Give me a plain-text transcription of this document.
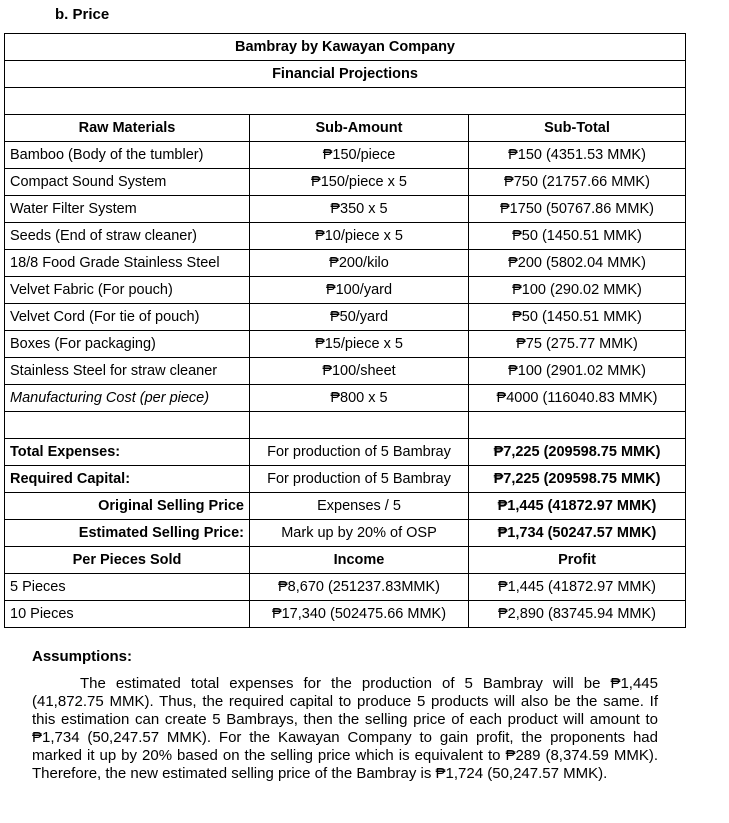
b. Price
Bambray by Kawayan Company		
Financial Projections		

Raw Materials	Sub-Amount	Sub-Total
Bamboo (Body of the tumbler)	₱150/piece	₱150 (4351.53 MMK)
Compact Sound System	₱150/piece x 5	₱750 (21757.66 MMK)
Water Filter System	₱350 x 5	₱1750 (50767.86 MMK)
Seeds (End of straw cleaner)	₱10/piece x 5	₱50 (1450.51 MMK)
18/8 Food Grade Stainless Steel	₱200/kilo	₱200 (5802.04 MMK)
Velvet Fabric (For pouch)	₱100/yard	₱100 (290.02 MMK)
Velvet Cord (For tie of pouch)	₱50/yard	₱50 (1450.51 MMK)
Boxes (For packaging)	₱15/piece x 5	₱75 (275.77 MMK)
Stainless Steel for straw cleaner	₱100/sheet	₱100 (2901.02 MMK)
Manufacturing Cost (per piece)	₱800 x 5	₱4000 (116040.83 MMK)

Total Expenses:	For production of 5 Bambray	₱7,225 (209598.75 MMK)
Required Capital:	For production of 5 Bambray	₱7,225 (209598.75 MMK)
Original Selling Price	Expenses / 5	₱1,445 (41872.97 MMK)
Estimated Selling Price:	Mark up by 20% of OSP	₱1,734 (50247.57 MMK)
Per Pieces Sold	Income	Profit
5 Pieces	₱8,670 (251237.83MMK)	₱1,445 (41872.97 MMK)
10 Pieces	₱17,340 (502475.66 MMK)	₱2,890 (83745.94 MMK)
Assumptions:

The estimated total expenses for the production of 5 Bambray will be ₱1,445 (41,872.75 MMK). Thus, the required capital to produce 5 products will also be the same. If this estimation can create 5 Bambrays, then the selling price of each product will amount to ₱1,734 (50,247.57 MMK). For the Kawayan Company to gain profit, the proponents had marked it up by 20% based on the selling price which is equivalent to ₱289 (8,374.59 MMK). Therefore, the new estimated selling price of the Bambray is ₱1,724 (50,247.57 MMK).
